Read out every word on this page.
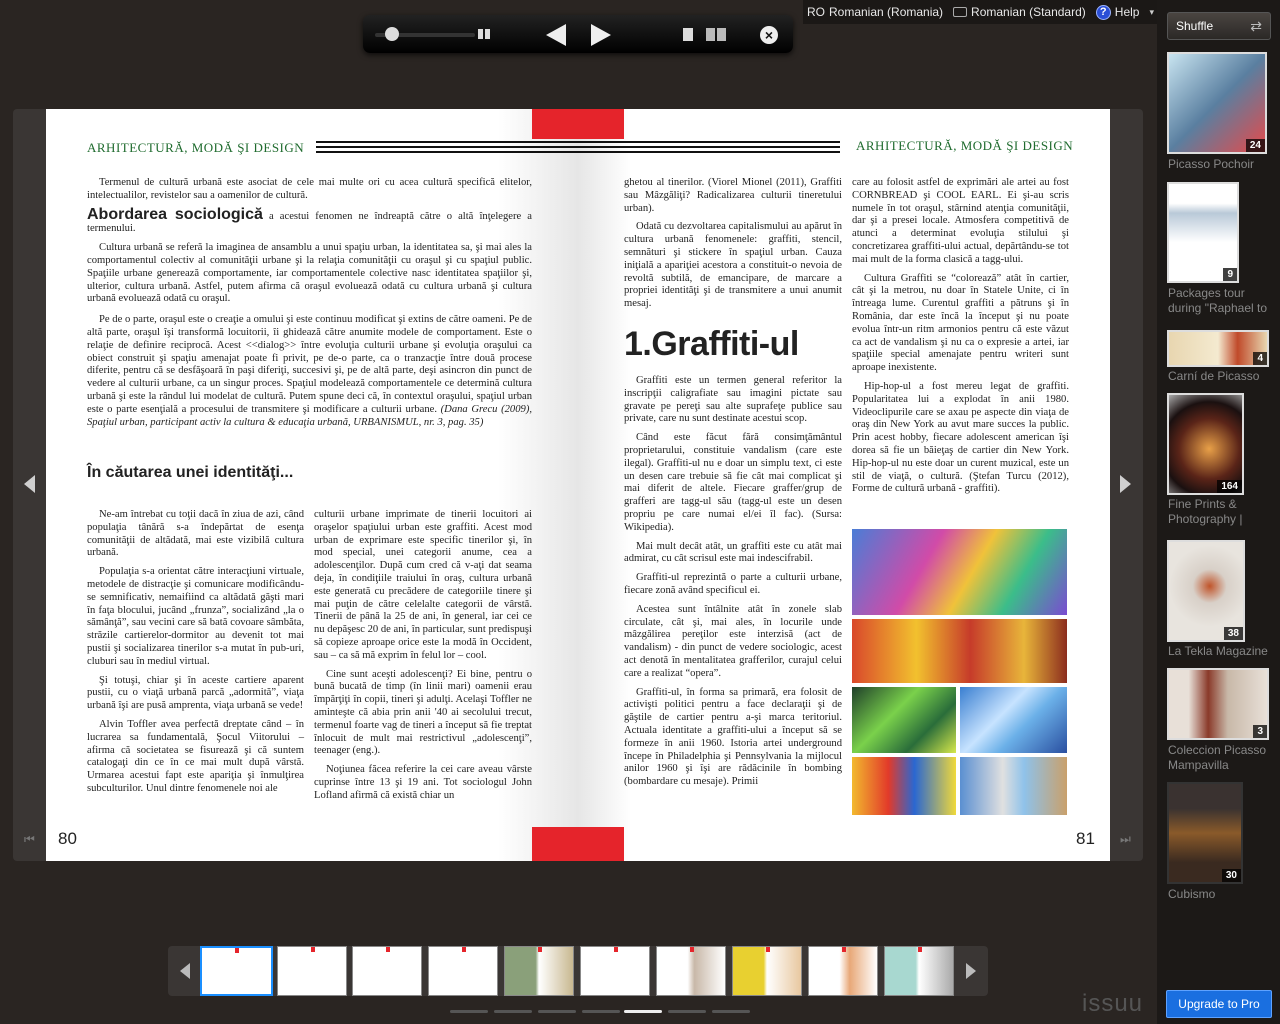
RO Romanian (Romania) Romanian (Standard)	? Help ▾
×
⏮	⏭
ARHITECTURĂ, MODĂ ŞI DESIGN

Termenul de cultură urbană este asociat de cele mai multe ori cu acea cultură specifică elitelor, intelectualilor, revistelor sau a oamenilor de cultură.

Abordarea sociologică a acestui fenomen ne îndreaptă către o altă înţelegere a termenului.

Cultura urbană se referă la imaginea de ansamblu a unui spaţiu urban, la identitatea sa, şi mai ales la comportamentul colectiv al comunităţii urbane şi la relaţia comunităţii cu oraşul şi cu spaţiul public. Spaţiile urbane generează comportamente, iar comportamentele colective nasc identitatea spaţiilor şi, ulterior, cultura urbană. Astfel, putem afirma că oraşul evoluează odată cu cultura urbană şi cultura urbană evoluează odată cu oraşul.

Pe de o parte, oraşul este o creaţie a omului şi este continuu modificat şi extins de către oameni. Pe de altă parte, oraşul îşi transformă locuitorii, îi ghidează către anumite modele de comportament. Este o relaţie de definire reciprocă. Acest <<dialog>> între evoluţia culturii urbane şi evoluţia oraşului ca obiect construit şi spaţiu amenajat poate fi privit, pe de-o parte, ca o tranzacţie între două procese diferite, pentru că se desfăşoară în paşi diferiţi, succesivi şi, pe de altă parte, deşi asincron din punct de vedere al culturii urbane, ca un singur proces. Spaţiul modelează comportamentele ce determină cultura urbană şi este la rândul lui modelat de cultură. Putem spune deci că, în contextul oraşului, spaţiul urban este o parte esenţială a procesului de transmitere şi modificare a culturii urbane. (Dana Grecu (2009), Spaţiul urban, participant activ la cultura & educaţia urbană, URBANISMUL, nr. 3, pag. 35)

În căutarea unei identităţi...

Ne-am întrebat cu toţii dacă în ziua de azi, când populaţia tânără s-a îndepărtat de esenţa comunităţii de altădată, mai este vizibilă cultura urbană.

Populaţia s-a orientat către interacţiuni virtuale, metodele de distracţie şi comunicare modificându-se semnificativ, nemaifiind ca altădată găşti mari în faţa blocului, jucând „frunza”, socializând „la o sămânţă”, sau vecini care să bată covoare sâmbăta, străzile cartierelor-dormitor au devenit tot mai pustii şi socializarea tinerilor s-a mutat în pub-uri, cluburi sau în mediul virtual.

Şi totuşi, chiar şi în aceste cartiere aparent pustii, cu o viaţă urbană parcă „adormită”, viaţa urbană îşi are pusă amprenta, viaţa urbană se vede!

Alvin Toffler avea perfectă dreptate când – în lucrarea sa fundamentală, Şocul Viitorului – afirma că societatea se fisurează şi că suntem catalogaţi din ce în ce mai mult după vârstă. Urmarea acestui fapt este apariţia şi înmulţirea subculturilor. Unul dintre fenomenele noi ale

culturii urbane imprimate de tinerii locuitori ai oraşelor spaţiului urban este graffiti. Acest mod urban de exprimare este specific tinerilor şi, în mod special, unei categorii anume, cea a adolescenţilor. După cum cred că v-aţi dat seama deja, în condiţiile traiului în oraş, cultura urbană este generată cu precădere de categoriile tinere şi mai puţin de către celelalte categorii de vârstă. Tinerii de până la 25 de ani, în general, iar cei ce nu depăşesc 20 de ani, în particular, sunt predispuşi să copieze aproape orice este la modă în Occident, sau – ca să mă exprim în felul lor – cool.

Cine sunt aceşti adolescenţi? Ei bine, pentru o bună bucată de timp (în linii mari) oamenii erau împărţiţi în copii, tineri şi adulţi. Acelaşi Toffler ne aminteşte că abia prin anii '40 ai secolului trecut, termenul foarte vag de tineri a început să fie treptat înlocuit de mult mai restrictivul „adolescenţi”, teenager (eng.).

Noţiunea făcea referire la cei care aveau vârste cuprinse între 13 şi 19 ani. Tot sociologul John Lofland afirmă că există chiar un

80
ARHITECTURĂ, MODĂ ŞI DESIGN

ghetou al tinerilor. (Viorel Mionel (2011), Graffiti sau Mâzgăliţi? Radicalizarea culturii tineretului urban).

Odată cu dezvoltarea capitalismului au apărut în cultura urbană fenomenele: graffiti, stencil, semnături şi stickere în spaţiul urban. Cauza iniţială a apariţiei acestora a constituit-o nevoia de revoltă subtilă, de emancipare, de marcare a propriei identităţi şi de transmitere a unui anumit mesaj.

1.Graffiti-ul

Graffiti este un termen general referitor la inscripţii caligrafiate sau imagini pictate sau gravate pe pereţi sau alte suprafeţe publice sau private, care nu sunt destinate acestui scop.

Când este făcut fără consimţământul proprietarului, constituie vandalism (care este ilegal). Graffiti-ul nu e doar un simplu text, ci este un desen care trebuie să fie cât mai complicat şi mai diferit de altele. Fiecare graffer/grup de grafferi are tagg-ul său (tagg-ul este un desen propriu pe care numai el/ei îl fac). (Sursa: Wikipedia).

Mai mult decât atât, un graffiti este cu atât mai admirat, cu cât scrisul este mai indescifrabil.

Graffiti-ul reprezintă o parte a culturii urbane, fiecare zonă având specificul ei.

Acestea sunt întâlnite atât în zonele slab circulate, cât şi, mai ales, în locurile unde mâzgălirea pereţilor este interzisă (act de vandalism) - din punct de vedere sociologic, acest act denotă în mentalitatea grafferilor, curajul celui care a realizat “opera”.

Graffiti-ul, în forma sa primară, era folosit de activişti politici pentru a face declaraţii şi de găştile de cartier pentru a-şi marca teritoriul. Actuala identitate a graffiti-ului a început să se formeze în anii 1960. Istoria artei underground începe în Philadelphia şi Pennsylvania la mijlocul anilor 1960 şi îşi are rădăcinile în bombing (bombardare cu mesaje). Primii

care au folosit astfel de exprimări ale artei au fost CORNBREAD şi COOL EARL. Ei şi-au scris numele în tot oraşul, stârnind atenţia comunităţii, dar şi a presei locale. Atmosfera competitivă de atunci a determinat evoluţia stilului şi concretizarea graffiti-ului actual, depărtându-se tot mai mult de la forma clasică a tagg-ului.

Cultura Graffiti se “colorează” atât în cartier, cât şi la metrou, nu doar în Statele Unite, ci în întreaga lume. Curentul graffiti a pătruns şi în România, dar este încă la început şi nu poate evolua într-un ritm armonios pentru că este văzut ca act de vandalism şi nu ca o expresie a artei, iar spaţiile special amenajate pentru writeri sunt aproape inexistente.

Hip-hop-ul a fost mereu legat de graffiti. Popularitatea lui a explodat în anii 1980. Videoclipurile care se axau pe aspecte din viaţa de oraş din New York au avut mare succes la public. Prin acest hobby, fiecare adolescent american îşi dorea să fie un băieţaş de cartier din New York. Hip-hop-ul nu este doar un curent muzical, este un stil de viaţă, o cultură. (Ştefan Turcu (2012), Forme de cultură urbană - graffiti).

81
Shuffle	⇄
24
Picasso Pochoir
9
Packages tour during "Raphael to
4
Carní de Picasso
164
Fine Prints & Photography |
38
La Tekla Magazine
3
Coleccion Picasso Mampavilla
30
Cubismo
Upgrade to Pro
issuu
